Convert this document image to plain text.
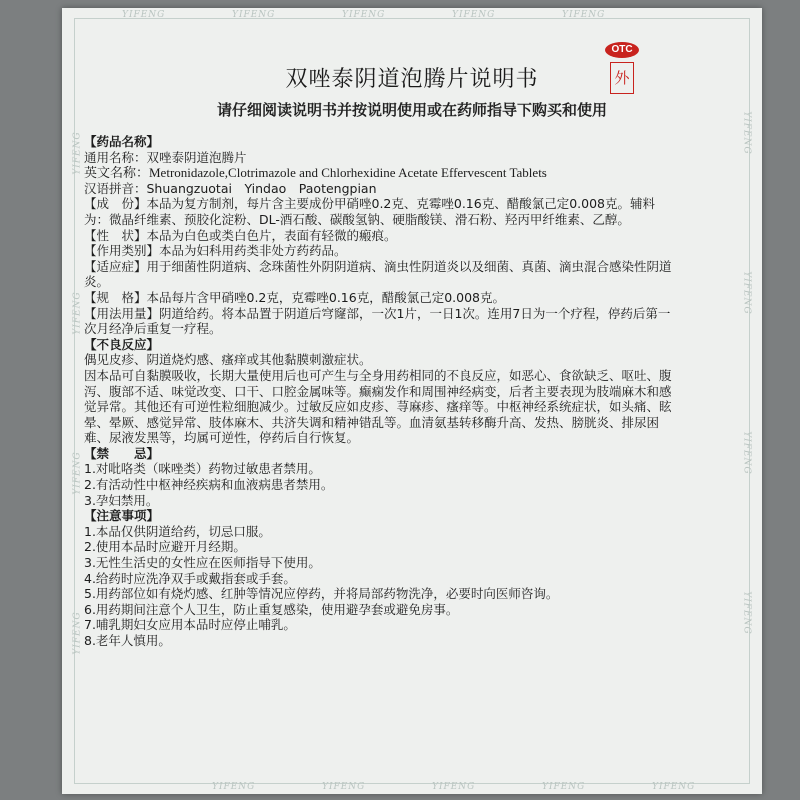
YIFENG	YIFENG	YIFENG	YIFENG	YIFENG
YIFENG	YIFENG	YIFENG	YIFENG	YIFENG
YIFENG
YIFENG
YIFENG
YIFENG
YIFENG
YIFENG
YIFENG
YIFENG
OTC
外
双唑泰阴道泡腾片说明书
请仔细阅读说明书并按说明使用或在药师指导下购买和使用
【药品名称】
通用名称：双唑泰阴道泡腾片
英文名称：Metronidazole,Clotrimazole and Chlorhexidine Acetate Effervescent Tablets
汉语拼音：Shuangzuotai　Yindao　Paotengpian
【成　份】本品为复方制剂，每片含主要成份甲硝唑0.2克、克霉唑0.16克、醋酸氯己定0.008克。辅料为：微晶纤维素、预胶化淀粉、DL-酒石酸、碳酸氢钠、硬脂酸镁、滑石粉、羟丙甲纤维素、乙醇。
【性　状】本品为白色或类白色片，表面有轻微的瘢痕。
【作用类别】本品为妇科用药类非处方药药品。
【适应症】用于细菌性阴道病、念珠菌性外阴阴道病、滴虫性阴道炎以及细菌、真菌、滴虫混合感染性阴道炎。
【规　格】本品每片含甲硝唑0.2克，克霉唑0.16克，醋酸氯己定0.008克。
【用法用量】阴道给药。将本品置于阴道后穹窿部，一次1片，一日1次。连用7日为一个疗程，停药后第一次月经净后重复一疗程。
【不良反应】
偶见皮疹、阴道烧灼感、瘙痒或其他黏膜刺激症状。
因本品可自黏膜吸收，长期大量使用后也可产生与全身用药相同的不良反应，如恶心、食欲缺乏、呕吐、腹泻、腹部不适、味觉改变、口干、口腔金属味等。癫痫发作和周围神经病变，后者主要表现为肢端麻木和感觉异常。其他还有可逆性粒细胞减少。过敏反应如皮疹、荨麻疹、瘙痒等。中枢神经系统症状，如头痛、眩晕、晕厥、感觉异常、肢体麻木、共济失调和精神错乱等。血清氨基转移酶升高、发热、膀胱炎、排尿困难、尿液发黑等，均属可逆性，停药后自行恢复。
【禁　　忌】
1.对吡咯类（咪唑类）药物过敏患者禁用。
2.有活动性中枢神经疾病和血液病患者禁用。
3.孕妇禁用。
【注意事项】
1.本品仅供阴道给药，切忌口服。
2.使用本品时应避开月经期。
3.无性生活史的女性应在医师指导下使用。
4.给药时应洗净双手或戴指套或手套。
5.用药部位如有烧灼感、红肿等情况应停药，并将局部药物洗净，必要时向医师咨询。
6.用药期间注意个人卫生，防止重复感染，使用避孕套或避免房事。
7.哺乳期妇女应用本品时应停止哺乳。
8.老年人慎用。
